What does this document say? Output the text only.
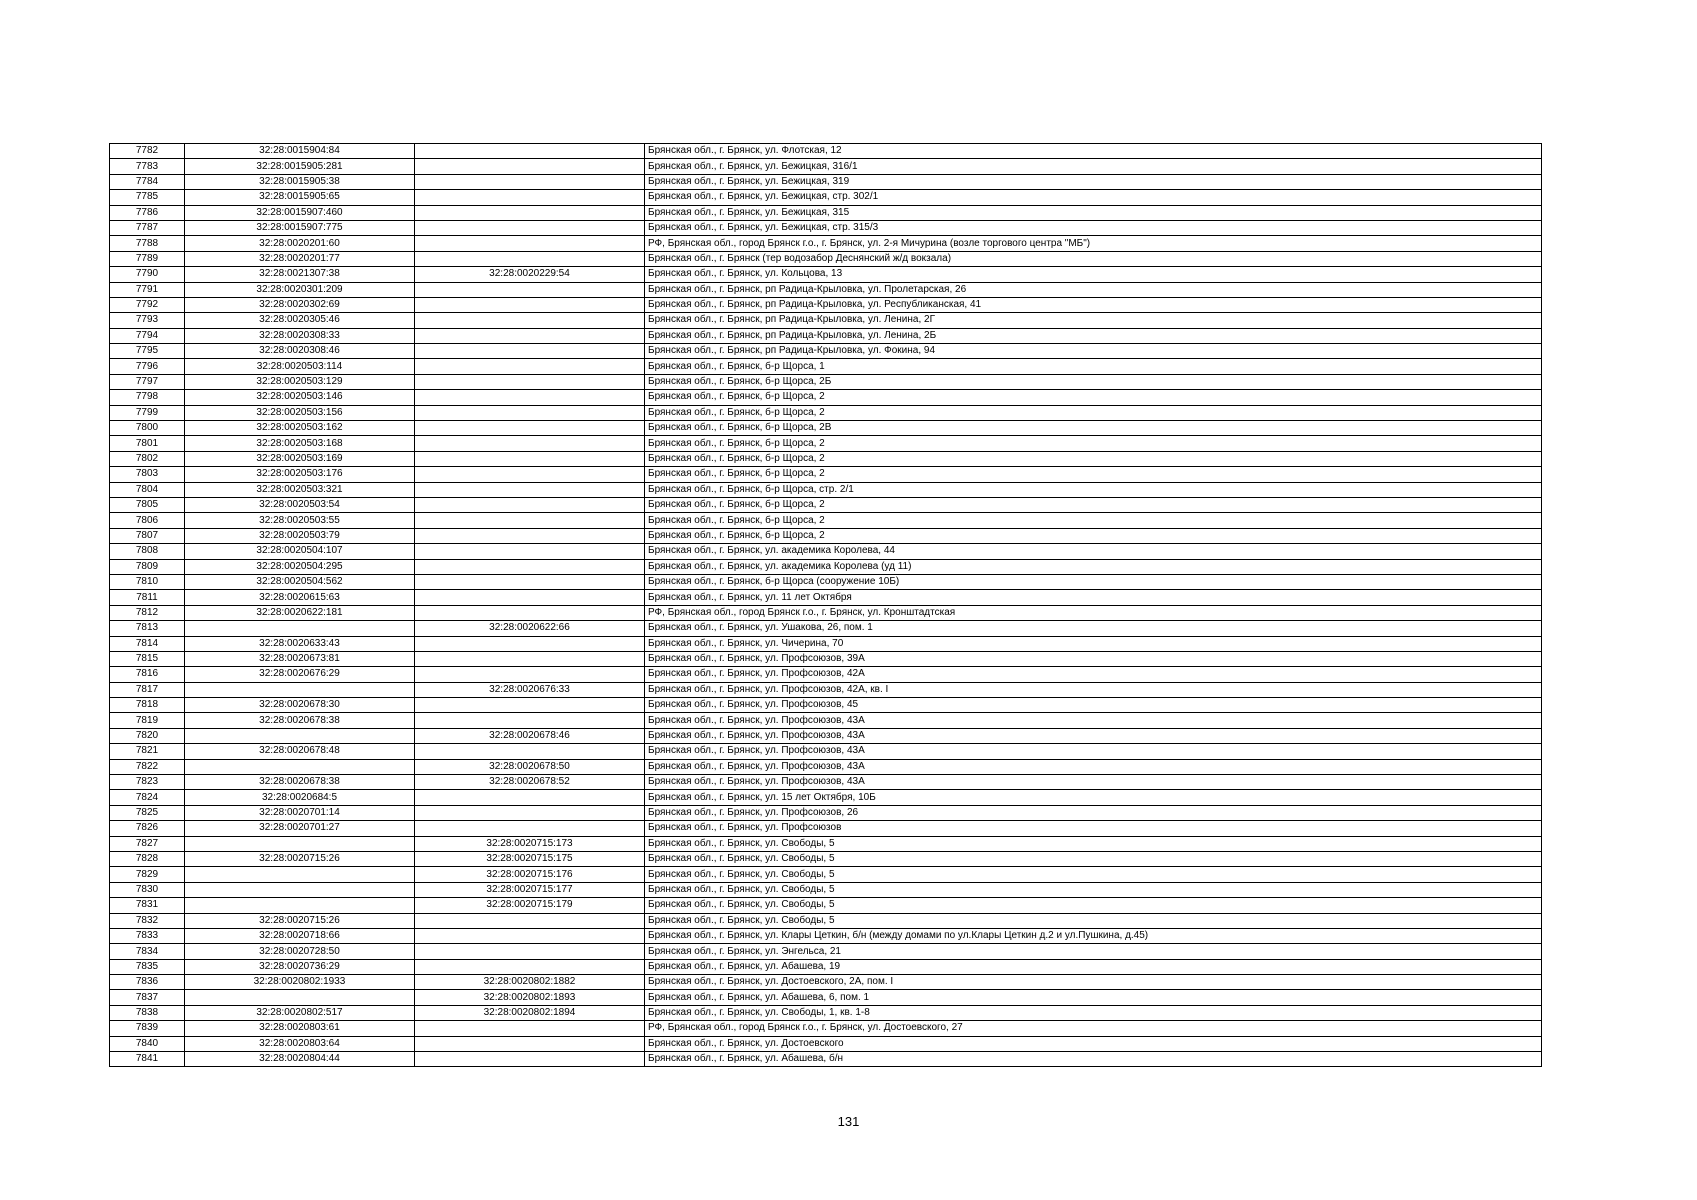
7782	32:28:0015904:84		Брянская обл., г. Брянск, ул. Флотская, 12
7783	32:28:0015905:281		Брянская обл., г. Брянск, ул. Бежицкая, 316/1
7784	32:28:0015905:38		Брянская обл., г. Брянск, ул. Бежицкая, 319
7785	32:28:0015905:65		Брянская обл., г. Брянск, ул. Бежицкая, стр. 302/1
7786	32:28:0015907:460		Брянская обл., г. Брянск, ул. Бежицкая, 315
7787	32:28:0015907:775		Брянская обл., г. Брянск, ул. Бежицкая, стр. 315/3
7788	32:28:0020201:60		РФ, Брянская обл., город Брянск г.о., г. Брянск, ул. 2-я Мичурина (возле торгового центра "МБ")
7789	32:28:0020201:77		Брянская обл., г. Брянск (тер водозабор Деснянский ж/д вокзала)
7790	32:28:0021307:38	32:28:0020229:54	Брянская обл., г. Брянск, ул. Кольцова, 13
7791	32:28:0020301:209		Брянская обл., г. Брянск, рп Радица-Крыловка, ул. Пролетарская, 26
7792	32:28:0020302:69		Брянская обл., г. Брянск, рп Радица-Крыловка, ул. Республиканская, 41
7793	32:28:0020305:46		Брянская обл., г. Брянск, рп Радица-Крыловка, ул. Ленина, 2Г
7794	32:28:0020308:33		Брянская обл., г. Брянск, рп Радица-Крыловка, ул. Ленина, 2Б
7795	32:28:0020308:46		Брянская обл., г. Брянск, рп Радица-Крыловка, ул. Фокина, 94
7796	32:28:0020503:114		Брянская обл., г. Брянск, б-р Щорса, 1
7797	32:28:0020503:129		Брянская обл., г. Брянск, б-р Щорса, 2Б
7798	32:28:0020503:146		Брянская обл., г. Брянск, б-р Щорса, 2
7799	32:28:0020503:156		Брянская обл., г. Брянск, б-р Щорса, 2
7800	32:28:0020503:162		Брянская обл., г. Брянск, б-р Щорса, 2В
7801	32:28:0020503:168		Брянская обл., г. Брянск, б-р Щорса, 2
7802	32:28:0020503:169		Брянская обл., г. Брянск, б-р Щорса, 2
7803	32:28:0020503:176		Брянская обл., г. Брянск, б-р Щорса, 2
7804	32:28:0020503:321		Брянская обл., г. Брянск, б-р Щорса, стр. 2/1
7805	32:28:0020503:54		Брянская обл., г. Брянск, б-р Щорса, 2
7806	32:28:0020503:55		Брянская обл., г. Брянск, б-р Щорса, 2
7807	32:28:0020503:79		Брянская обл., г. Брянск, б-р Щорса, 2
7808	32:28:0020504:107		Брянская обл., г. Брянск, ул. академика Королева, 44
7809	32:28:0020504:295		Брянская обл., г. Брянск, ул. академика Королева (уд 11)
7810	32:28:0020504:562		Брянская обл., г. Брянск, б-р Щорса (сооружение 10Б)
7811	32:28:0020615:63		Брянская обл., г. Брянск, ул. 11 лет Октября
7812	32:28:0020622:181		РФ, Брянская обл., город Брянск г.о., г. Брянск, ул. Кронштадтская
7813		32:28:0020622:66	Брянская обл., г. Брянск, ул. Ушакова, 26, пом. 1
7814	32:28:0020633:43		Брянская обл., г. Брянск, ул. Чичерина, 70
7815	32:28:0020673:81		Брянская обл., г. Брянск, ул. Профсоюзов, 39А
7816	32:28:0020676:29		Брянская обл., г. Брянск, ул. Профсоюзов, 42А
7817		32:28:0020676:33	Брянская обл., г. Брянск, ул. Профсоюзов, 42А, кв. I
7818	32:28:0020678:30		Брянская обл., г. Брянск, ул. Профсоюзов, 45
7819	32:28:0020678:38		Брянская обл., г. Брянск, ул. Профсоюзов, 43А
7820		32:28:0020678:46	Брянская обл., г. Брянск, ул. Профсоюзов, 43А
7821	32:28:0020678:48		Брянская обл., г. Брянск, ул. Профсоюзов, 43А
7822		32:28:0020678:50	Брянская обл., г. Брянск, ул. Профсоюзов, 43А
7823	32:28:0020678:38	32:28:0020678:52	Брянская обл., г. Брянск, ул. Профсоюзов, 43А
7824	32:28:0020684:5		Брянская обл., г. Брянск, ул. 15 лет Октября, 10Б
7825	32:28:0020701:14		Брянская обл., г. Брянск, ул. Профсоюзов, 26
7826	32:28:0020701:27		Брянская обл., г. Брянск, ул. Профсоюзов
7827		32:28:0020715:173	Брянская обл., г. Брянск, ул. Свободы, 5
7828	32:28:0020715:26	32:28:0020715:175	Брянская обл., г. Брянск, ул. Свободы, 5
7829		32:28:0020715:176	Брянская обл., г. Брянск, ул. Свободы, 5
7830		32:28:0020715:177	Брянская обл., г. Брянск, ул. Свободы, 5
7831		32:28:0020715:179	Брянская обл., г. Брянск, ул. Свободы, 5
7832	32:28:0020715:26		Брянская обл., г. Брянск, ул. Свободы, 5
7833	32:28:0020718:66		Брянская обл., г. Брянск, ул. Клары Цеткин, б/н (между домами по ул.Клары Цеткин д.2 и ул.Пушкина, д.45)
7834	32:28:0020728:50		Брянская обл., г. Брянск, ул. Энгельса, 21
7835	32:28:0020736:29		Брянская обл., г. Брянск, ул. Абашева, 19
7836	32:28:0020802:1933	32:28:0020802:1882	Брянская обл., г. Брянск, ул. Достоевского, 2А, пом. I
7837		32:28:0020802:1893	Брянская обл., г. Брянск, ул. Абашева, 6, пом. 1
7838	32:28:0020802:517	32:28:0020802:1894	Брянская обл., г. Брянск, ул. Свободы, 1, кв. 1-8
7839	32:28:0020803:61		РФ, Брянская обл., город Брянск г.о., г. Брянск, ул. Достоевского, 27
7840	32:28:0020803:64		Брянская обл., г. Брянск, ул. Достоевского
7841	32:28:0020804:44		Брянская обл., г. Брянск, ул. Абашева, б/н
131
